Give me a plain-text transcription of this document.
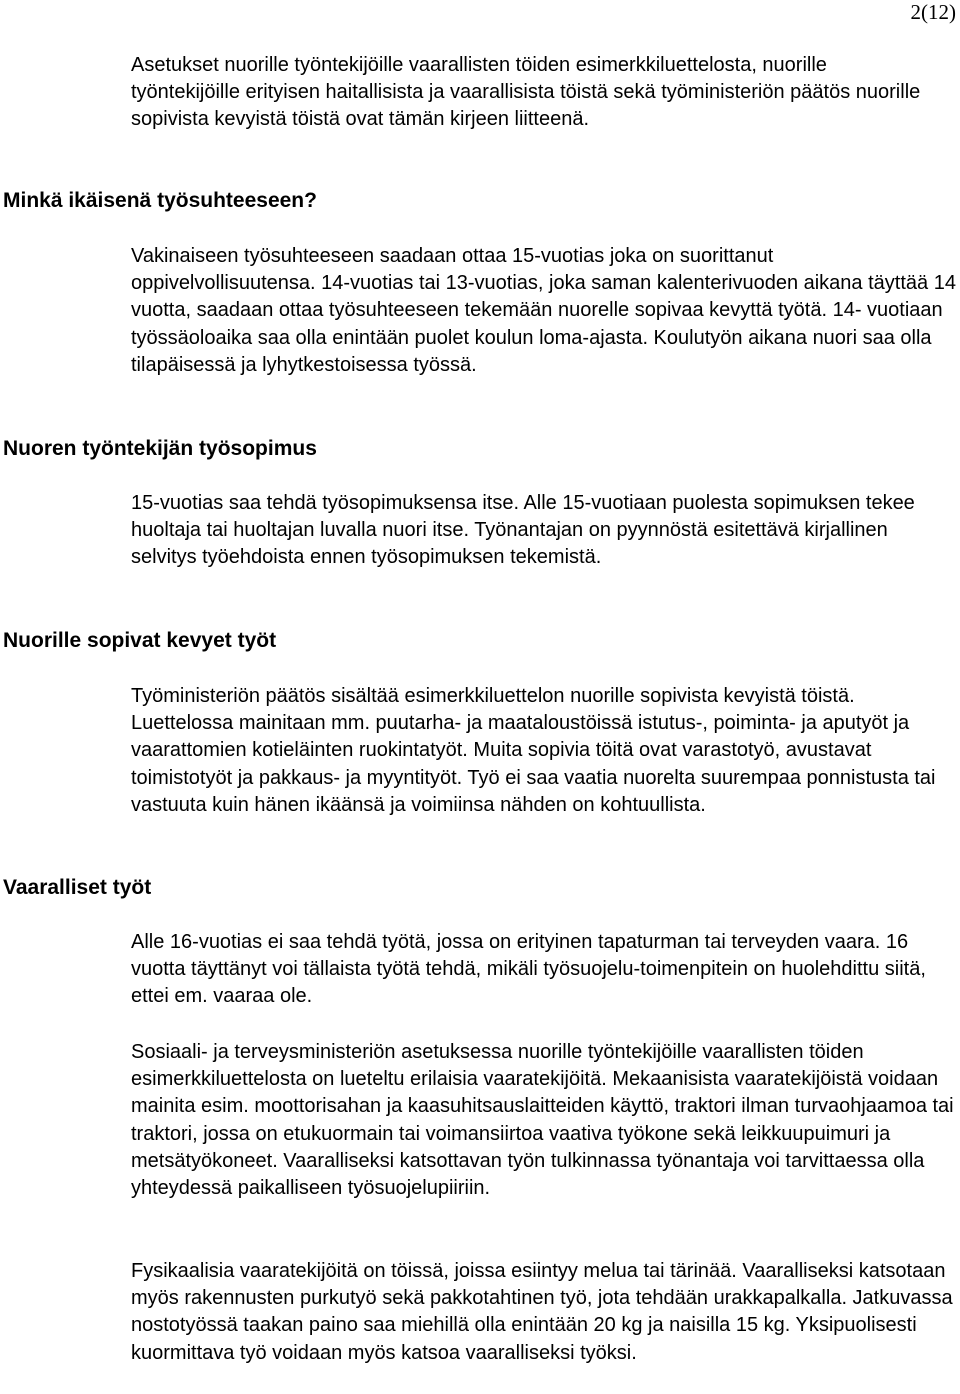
2(12)

Asetukset nuorille työntekijöille vaarallisten töiden esimerkkiluettelosta, nuorille työntekijöille erityisen haitallisista ja vaarallisista töistä sekä työministeriön päätös nuorille sopivista kevyistä töistä ovat tämän kirjeen liitteenä.

Minkä ikäisenä työsuhteeseen?

Vakinaiseen työsuhteeseen saadaan ottaa 15-vuotias joka on suorittanut oppivelvollisuutensa. 14-vuotias tai 13-vuotias, joka saman kalenterivuoden aikana täyttää 14 vuotta, saadaan ottaa työsuhteeseen tekemään nuorelle sopivaa kevyttä työtä. 14- vuotiaan työssäoloaika saa olla enintään puolet koulun loma-ajasta. Koulutyön aikana nuori saa olla tilapäisessä ja lyhytkestoisessa työssä.

Nuoren työntekijän työsopimus

15-vuotias saa tehdä työsopimuksensa itse. Alle 15-vuotiaan puolesta sopimuksen tekee huoltaja tai huoltajan luvalla nuori itse. Työnantajan on pyynnöstä esitettävä kirjallinen selvitys työehdoista ennen työsopimuksen tekemistä.

Nuorille sopivat kevyet työt

Työministeriön päätös sisältää esimerkkiluettelon nuorille sopivista kevyistä töistä. Luettelossa mainitaan mm. puutarha- ja maataloustöissä istutus-, poiminta- ja aputyöt ja vaarattomien kotieläinten ruokintatyöt. Muita sopivia töitä ovat varastotyö, avustavat toimistotyöt ja pakkaus- ja myyntityöt. Työ ei saa vaatia nuorelta suurempaa ponnistusta tai vastuuta kuin hänen ikäänsä ja voimiinsa nähden on kohtuullista.

Vaaralliset työt

Alle 16-vuotias ei saa tehdä työtä, jossa on erityinen tapaturman tai terveyden vaara. 16 vuotta täyttänyt voi tällaista työtä tehdä, mikäli työsuojelu-toimenpitein on huolehdittu siitä, ettei em. vaaraa ole.

Sosiaali- ja terveysministeriön asetuksessa nuorille työntekijöille vaarallisten töiden esimerkkiluettelosta on lueteltu erilaisia vaaratekijöitä. Mekaanisista vaaratekijöistä voidaan mainita esim. moottorisahan ja kaasuhitsauslaitteiden käyttö, traktori ilman turvaohjaamoa tai traktori, jossa on etukuormain tai voimansiirtoa vaativa työkone sekä leikkuupuimuri ja metsätyökoneet. Vaaralliseksi katsottavan työn tulkinnassa työnantaja voi tarvittaessa olla yhteydessä paikalliseen työsuojelupiiriin.

Fysikaalisia vaaratekijöitä on töissä, joissa esiintyy melua tai tärinää. Vaaralliseksi katsotaan myös rakennusten purkutyö sekä pakkotahtinen työ, jota tehdään urakkapalkalla. Jatkuvassa nostotyössä taakan paino saa miehillä olla enintään 20 kg ja naisilla 15 kg. Yksipuolisesti kuormittava työ voidaan myös katsoa vaaralliseksi työksi.
